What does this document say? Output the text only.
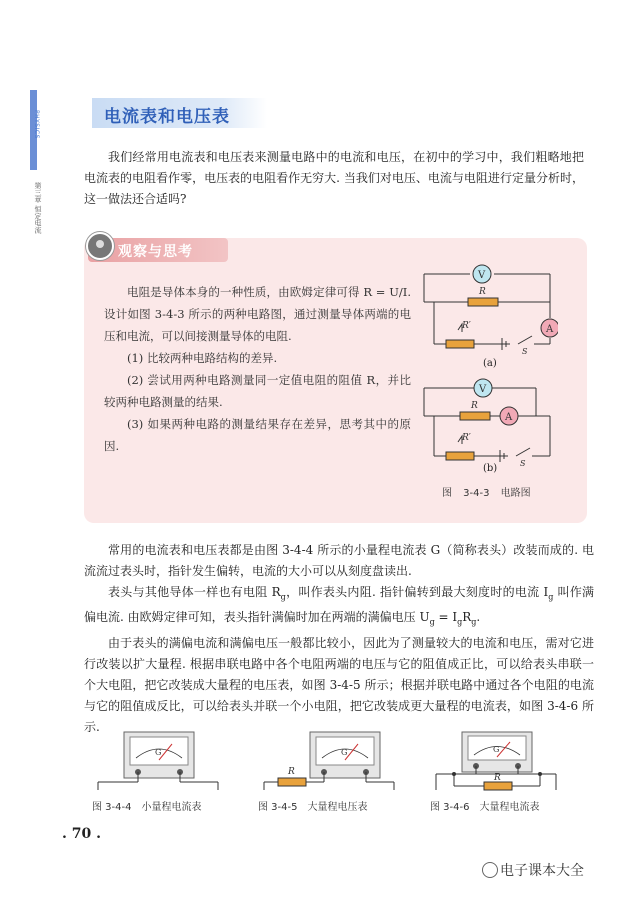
PHYSICS
第三章 恒定电流
电流表和电压表
我们经常用电流表和电压表来测量电路中的电流和电压，在初中的学习中，我们粗略地把电流表的电阻看作零，电压表的电阻看作无穷大. 当我们对电压、电流与电阻进行定量分析时，这一做法还合适吗?
观察与思考

电阻是导体本身的一种性质，由欧姆定律可得 R = U/I. 设计如图 3-4-3 所示的两种电路图，通过测量导体两端的电压和电流，可以间接测量导体的电阻.

(1) 比较两种电路结构的差异.

(2) 尝试用两种电路测量同一定值电阻的阻值 R，并比较两种电路测量的结果.

(3) 如果两种电路的测量结果存在差异，思考其中的原因.

V
R
A
R′
S
(a)
V
R
A
R′
S
(b)
图 3-4-3 电路图

常用的电流表和电压表都是由图 3-4-4 所示的小量程电流表 G（简称表头）改装而成的. 电流流过表头时，指针发生偏转，电流的大小可以从刻度盘读出.

表头与其他导体一样也有电阻 $R_g$，叫作表头内阻. 指针偏转到最大刻度时的电流 $I_g$ 叫作满偏电流. 由欧姆定律可知，表头指针满偏时加在两端的满偏电压 $U_g = I_gR_g$.

由于表头的满偏电流和满偏电压一般都比较小，因此为了测量较大的电流和电压，需对它进行改装以扩大量程. 根据串联电路中各个电阻两端的电压与它的阻值成正比，可以给表头串联一个大电阻，把它改装成大量程的电压表，如图 3-4-5 所示；根据并联电路中通过各个电阻的电流与它的阻值成反比，可以给表头并联一个小电阻，把它改装成更大量程的电流表，如图 3-4-6 所示.

G
图 3-4-4　小量程电流表
G
R
图 3-4-5　大量程电压表
G
R
图 3-4-6　大量程电流表
. 70 .
电子课本大全
